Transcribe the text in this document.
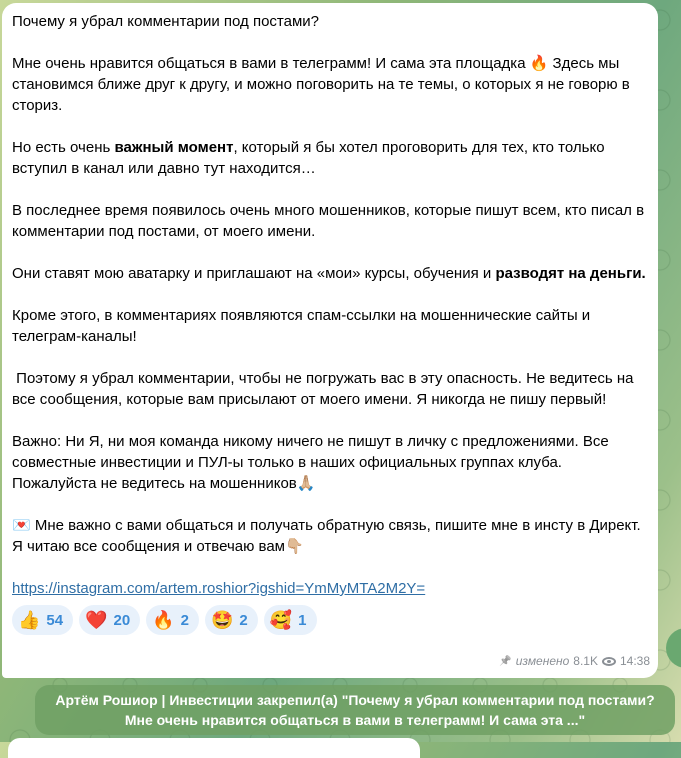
Почему я убрал комментарии под постами?

Мне очень нравится общаться в вами в телеграмм! И сама эта площадка 🔥 Здесь мы становимся ближе друг к другу, и можно поговорить на те темы, о которых я не говорю в сториз.

Но есть очень важный момент, который я бы хотел проговорить для тех, кто только вступил в канал или давно тут находится…

В последнее время появилось очень много мошенников, которые пишут всем, кто писал в комментарии под постами, от моего имени.

Они ставят мою аватарку и приглашают на «мои» курсы, обучения и разводят на деньги.

Кроме этого, в комментариях появляются спам-ссылки на мошеннические сайты и телеграм-каналы!

Поэтому я убрал комментарии, чтобы не погружать вас в эту опасность. Не ведитесь на все сообщения, которые вам присылают от моего имени. Я никогда не пишу первый!

Важно: Ни Я, ни моя команда никому ничего не пишут в личку с предложениями. Все совместные инвестиции и ПУЛ-ы только в наших официальных группах клуба. Пожалуйста не ведитесь на мошенников🙏🏼

💌 Мне важно с вами общаться и получать обратную связь, пишите мне в инсту в Директ. Я читаю все сообщения и отвечаю вам👇🏼

https://instagram.com/artem.roshior?igshid=YmMyMTA2M2Y=
👍 54 ❤️ 20 🔥 2 🤩 2 🥰 1
📌 изменено 8.1K 14:38
Артём Рошиор | Инвестиции закрепил(а) "Почему я убрал комментарии под постами?
Мне очень нравится общаться в вами в телеграмм! И сама эта ..."
